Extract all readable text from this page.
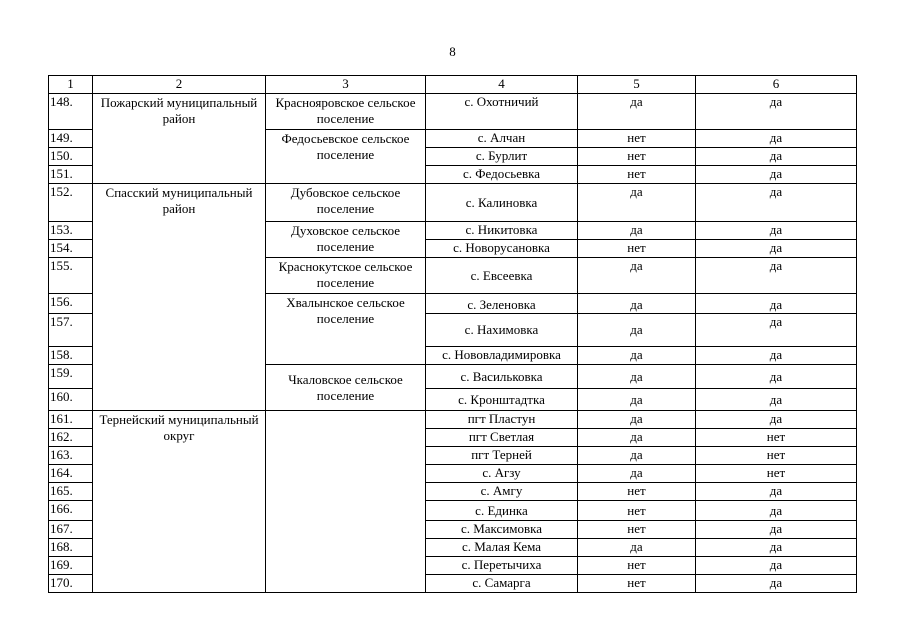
8
1	2	3	4	5	6
148.	Пожарский муниципальный район	Краснояровское сельское поселение	с. Охотничий	да	да
149.		Федосьевское сельское поселение	с. Алчан	нет	да
150.			с. Бурлит	нет	да
151.			с. Федосьевка	нет	да
152.	Спасский муниципальный район	Дубовское сельское поселение	с. Калиновка	да	да
153.		Духовское сельское поселение	с. Никитовка	да	да
154.			с. Новорусановка	нет	да
155.		Краснокутское сельское поселение	с. Евсеевка	да	да
156.		Хвалынское сельское поселение	с. Зеленовка	да	да
157.			с. Нахимовка	да	да
158.			с. Нововладимировка	да	да
159.		Чкаловское сельское поселение	с. Васильковка	да	да
160.			с. Кронштадтка	да	да
161.	Тернейский муниципальный округ		пгт Пластун	да	да
162.			пгт Светлая	да	нет
163.			пгт Терней	да	нет
164.			с. Агзу	да	нет
165.			с. Амгу	нет	да
166.			с. Единка	нет	да
167.			с. Максимовка	нет	да
168.			с. Малая Кема	да	да
169.			с. Перетычиха	нет	да
170.			с. Самарга	нет	да
